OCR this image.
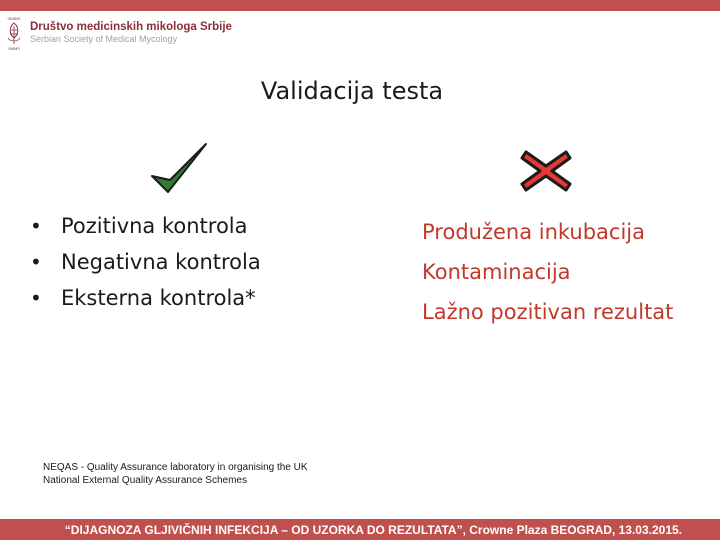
ISMMS
SMMS
Društvo medicinskih mikologa Srbije
Serbian Society of Medical Mycology
Validacija testa
• Pozitivna kontrola
• Negativna kontrola
• Eksterna kontrola*
Produžena inkubacija
Kontaminacija
Lažno pozitivan rezultat
NEQAS - Quality Assurance laboratory in organising the UK
National External Quality Assurance Schemes
“DIJAGNOZA GLJIVIČNIH INFEKCIJA – OD UZORKA DO REZULTATA”, Crowne Plaza BEOGRAD, 13.03.2015.
